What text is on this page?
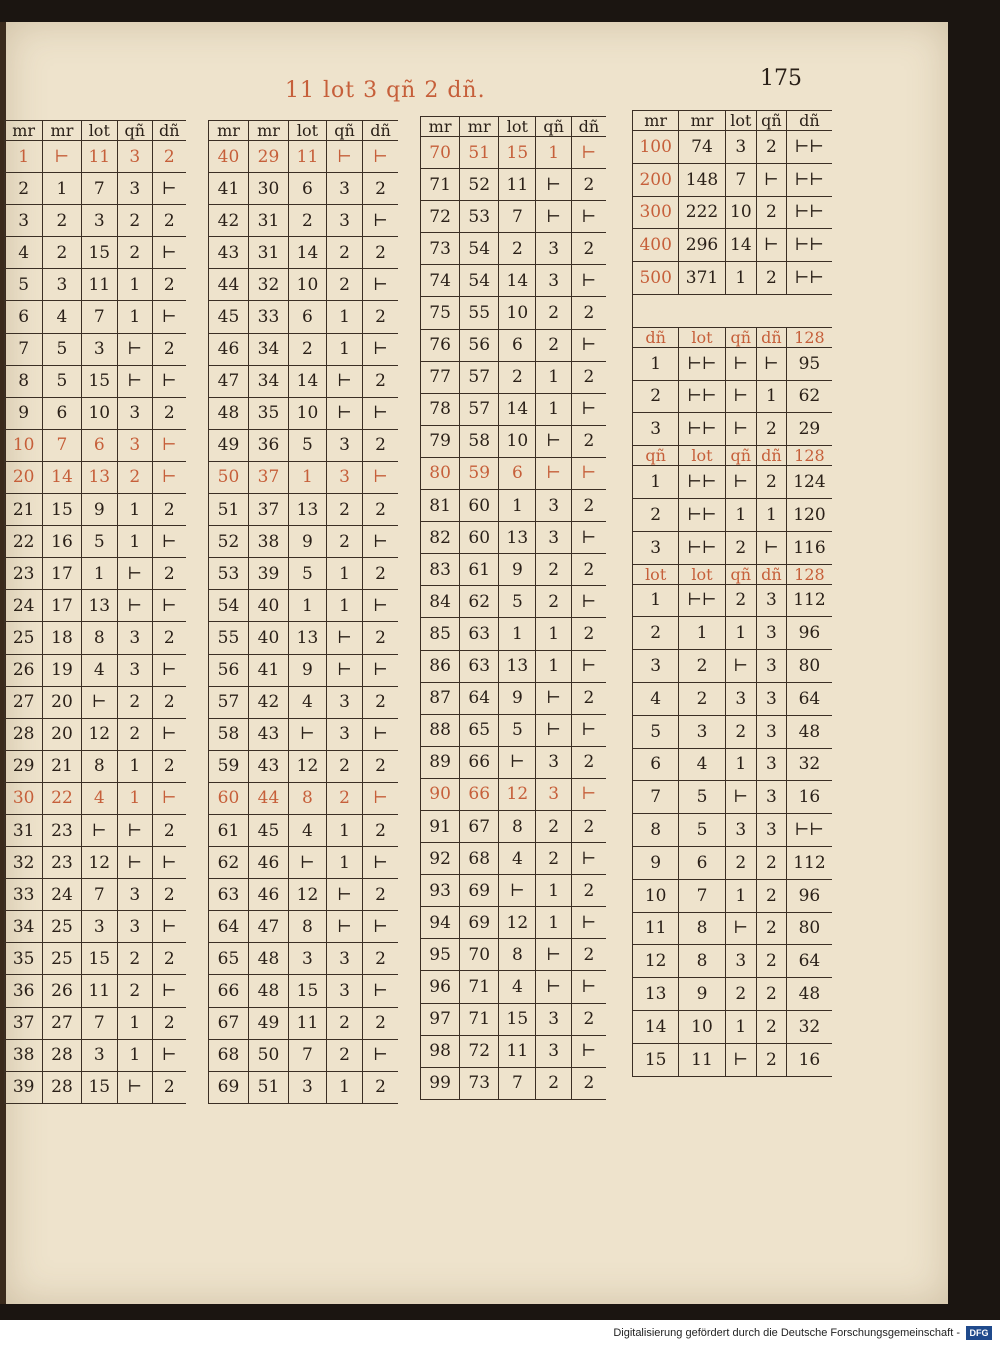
11 lot 3 qñ 2 dñ.	175
mr	mr	lot	qñ	dñ
1	⊢	11	3	2
2	1	7	3	⊢
3	2	3	2	2
4	2	15	2	⊢
5	3	11	1	2
6	4	7	1	⊢
7	5	3	⊢	2
8	5	15	⊢	⊢
9	6	10	3	2
10	7	6	3	⊢
20	14	13	2	⊢
21	15	9	1	2
22	16	5	1	⊢
23	17	1	⊢	2
24	17	13	⊢	⊢
25	18	8	3	2
26	19	4	3	⊢
27	20	⊢	2	2
28	20	12	2	⊢
29	21	8	1	2
30	22	4	1	⊢
31	23	⊢	⊢	2
32	23	12	⊢	⊢
33	24	7	3	2
34	25	3	3	⊢
35	25	15	2	2
36	26	11	2	⊢
37	27	7	1	2
38	28	3	1	⊢
39	28	15	⊢	2
mr	mr	lot	qñ	dñ
40	29	11	⊢	⊢
41	30	6	3	2
42	31	2	3	⊢
43	31	14	2	2
44	32	10	2	⊢
45	33	6	1	2
46	34	2	1	⊢
47	34	14	⊢	2
48	35	10	⊢	⊢
49	36	5	3	2
50	37	1	3	⊢
51	37	13	2	2
52	38	9	2	⊢
53	39	5	1	2
54	40	1	1	⊢
55	40	13	⊢	2
56	41	9	⊢	⊢
57	42	4	3	2
58	43	⊢	3	⊢
59	43	12	2	2
60	44	8	2	⊢
61	45	4	1	2
62	46	⊢	1	⊢
63	46	12	⊢	2
64	47	8	⊢	⊢
65	48	3	3	2
66	48	15	3	⊢
67	49	11	2	2
68	50	7	2	⊢
69	51	3	1	2
mr	mr	lot	qñ	dñ
70	51	15	1	⊢
71	52	11	⊢	2
72	53	7	⊢	⊢
73	54	2	3	2
74	54	14	3	⊢
75	55	10	2	2
76	56	6	2	⊢
77	57	2	1	2
78	57	14	1	⊢
79	58	10	⊢	2
80	59	6	⊢	⊢
81	60	1	3	2
82	60	13	3	⊢
83	61	9	2	2
84	62	5	2	⊢
85	63	1	1	2
86	63	13	1	⊢
87	64	9	⊢	2
88	65	5	⊢	⊢
89	66	⊢	3	2
90	66	12	3	⊢
91	67	8	2	2
92	68	4	2	⊢
93	69	⊢	1	2
94	69	12	1	⊢
95	70	8	⊢	2
96	71	4	⊢	⊢
97	71	15	3	2
98	72	11	3	⊢
99	73	7	2	2
mr	mr	lot	qñ	dñ
100	74	3	2	⊢⊢
200	148	7	⊢	⊢⊢
300	222	10	2	⊢⊢
400	296	14	⊢	⊢⊢
500	371	1	2	⊢⊢

dñ	lot	qñ	dñ	128
1	⊢⊢	⊢	⊢	95
2	⊢⊢	⊢	1	62
3	⊢⊢	⊢	2	29
qñ	lot	qñ	dñ	128
1	⊢⊢	⊢	2	124
2	⊢⊢	1	1	120
3	⊢⊢	2	⊢	116
lot	lot	qñ	dñ	128
1	⊢⊢	2	3	112
2	1	1	3	96
3	2	⊢	3	80
4	2	3	3	64
5	3	2	3	48
6	4	1	3	32
7	5	⊢	3	16
8	5	3	3	⊢⊢
9	6	2	2	112
10	7	1	2	96
11	8	⊢	2	80
12	8	3	2	64
13	9	2	2	48
14	10	1	2	32
15	11	⊢	2	16
Digitalisierung gefördert durch die Deutsche Forschungsgemeinschaft -	DFG
